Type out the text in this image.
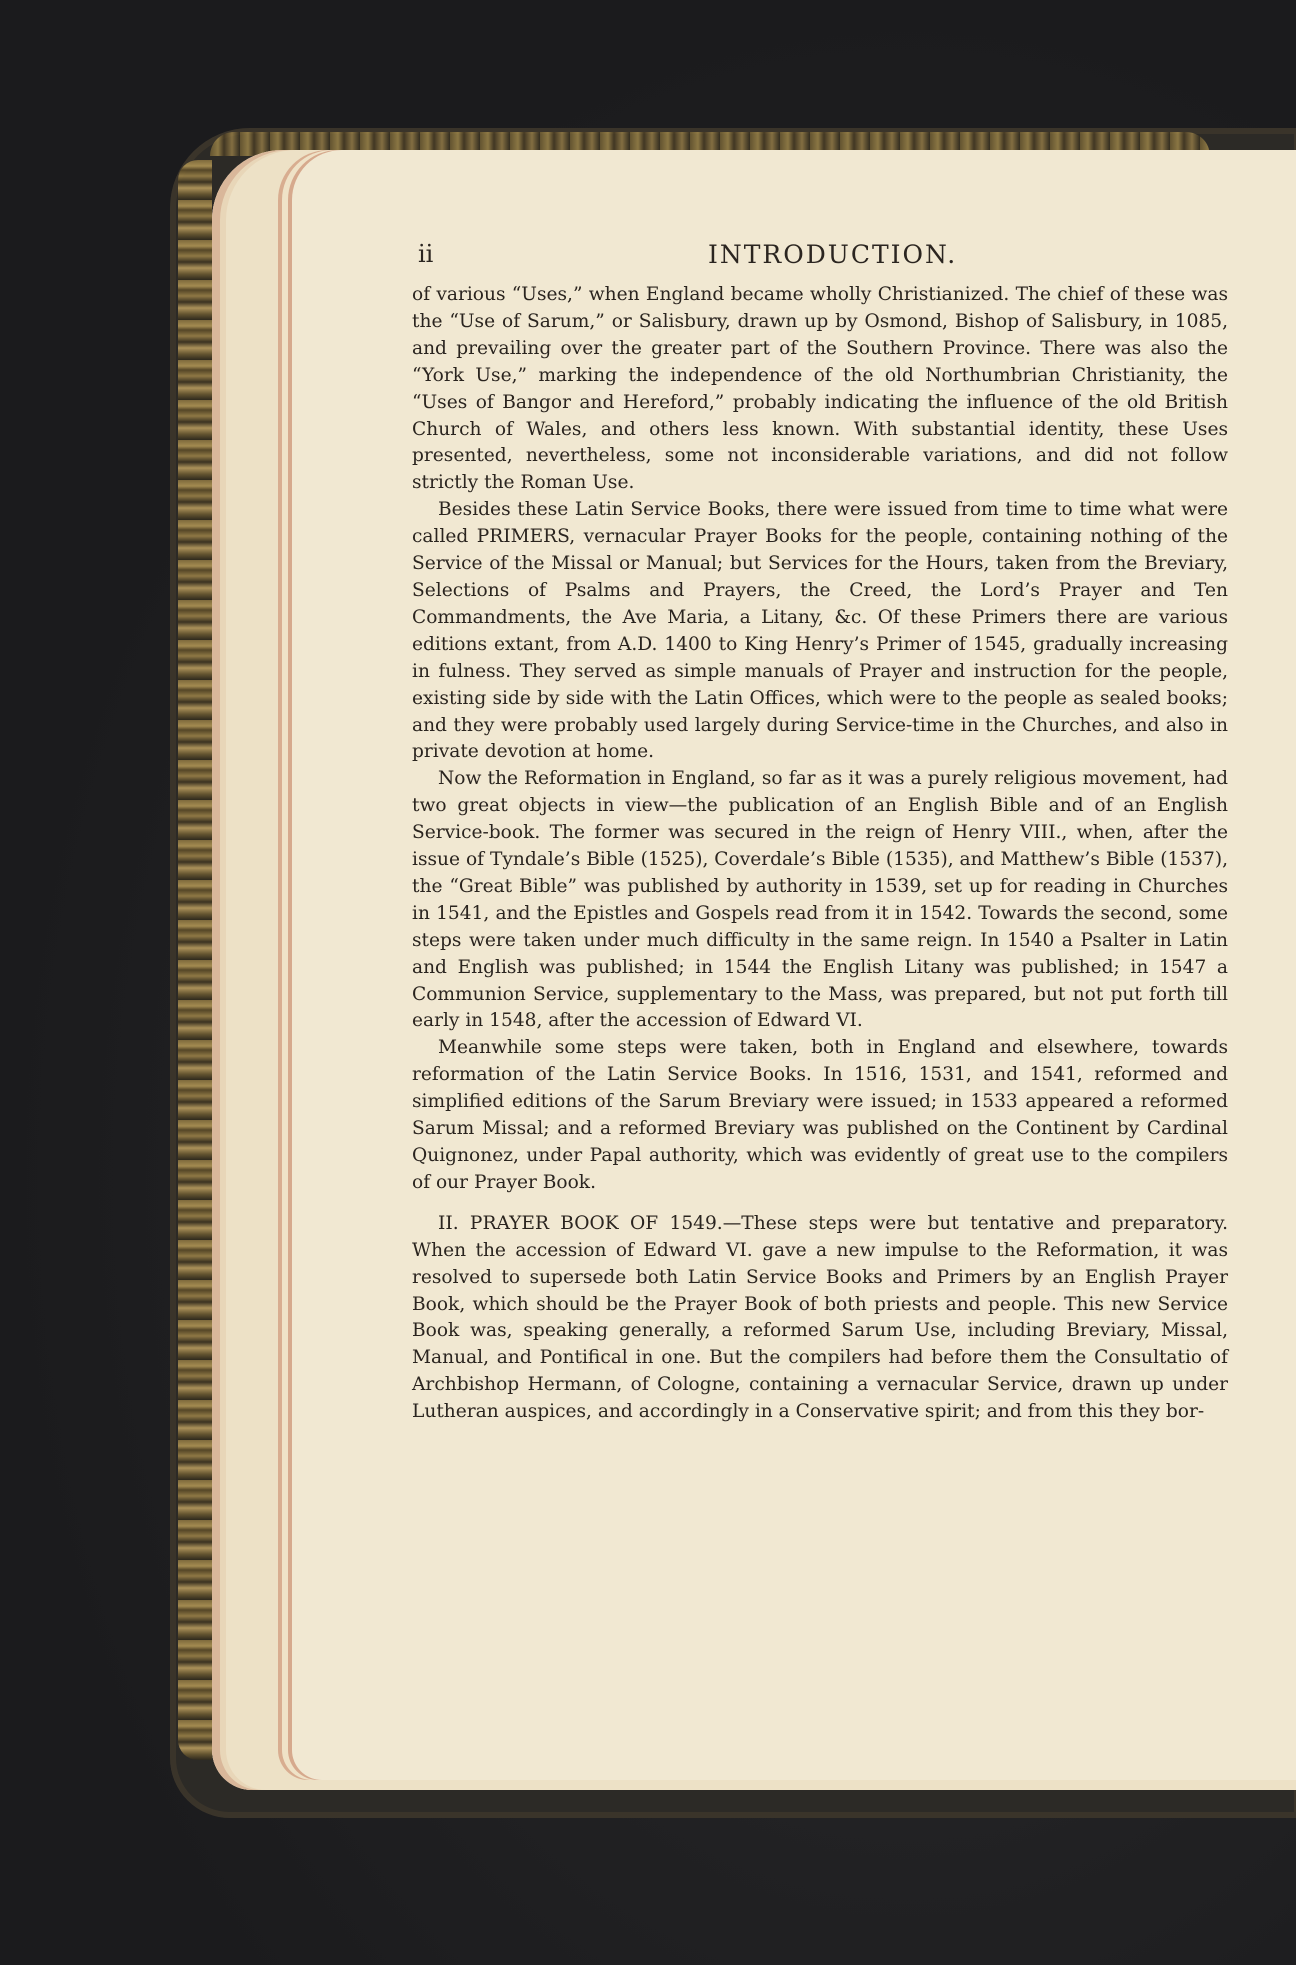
ii	INTRODUCTION.

of various “Uses,” when England became wholly Christianized. The chief of these was the “Use of Sarum,” or Salisbury, drawn up by Osmond, Bishop of Salisbury, in 1085, and prevailing over the greater part of the Southern Province. There was also the “York Use,” marking the independence of the old Northumbrian Christianity, the “Uses of Bangor and Hereford,” probably indicating the influence of the old British Church of Wales, and others less known. With substantial identity, these Uses presented, nevertheless, some not inconsiderable variations, and did not follow strictly the Roman Use.

Besides these Latin Service Books, there were issued from time to time what were called PRIMERS, vernacular Prayer Books for the people, containing nothing of the Service of the Missal or Manual; but Services for the Hours, taken from the Breviary, Selections of Psalms and Prayers, the Creed, the Lord’s Prayer and Ten Commandments, the Ave Maria, a Litany, &c. Of these Primers there are various editions extant, from A.D. 1400 to King Henry’s Primer of 1545, gradually increasing in fulness. They served as simple manuals of Prayer and instruction for the people, existing side by side with the Latin Offices, which were to the people as sealed books; and they were probably used largely during Service-time in the Churches, and also in private devotion at home.

Now the Reformation in England, so far as it was a purely religious movement, had two great objects in view—the publication of an English Bible and of an English Service-book. The former was secured in the reign of Henry VIII., when, after the issue of Tyndale’s Bible (1525), Coverdale’s Bible (1535), and Matthew’s Bible (1537), the “Great Bible” was published by authority in 1539, set up for reading in Churches in 1541, and the Epistles and Gospels read from it in 1542. Towards the second, some steps were taken under much difficulty in the same reign. In 1540 a Psalter in Latin and English was published; in 1544 the English Litany was published; in 1547 a Communion Service, supplementary to the Mass, was prepared, but not put forth till early in 1548, after the accession of Edward VI.

Meanwhile some steps were taken, both in England and elsewhere, towards reformation of the Latin Service Books. In 1516, 1531, and 1541, reformed and simplified editions of the Sarum Breviary were issued; in 1533 appeared a reformed Sarum Missal; and a reformed Breviary was published on the Continent by Cardinal Quignonez, under Papal authority, which was evidently of great use to the compilers of our Prayer Book.

II. PRAYER BOOK OF 1549.—These steps were but tentative and preparatory. When the accession of Edward VI. gave a new impulse to the Reformation, it was resolved to supersede both Latin Service Books and Primers by an English Prayer Book, which should be the Prayer Book of both priests and people. This new Service Book was, speaking generally, a reformed Sarum Use, including Breviary, Missal, Manual, and Pontifical in one. But the compilers had before them the Consultatio of Archbishop Hermann, of Cologne, containing a vernacular Service, drawn up under Lutheran auspices, and accordingly in a Conservative spirit; and from this they bor-
